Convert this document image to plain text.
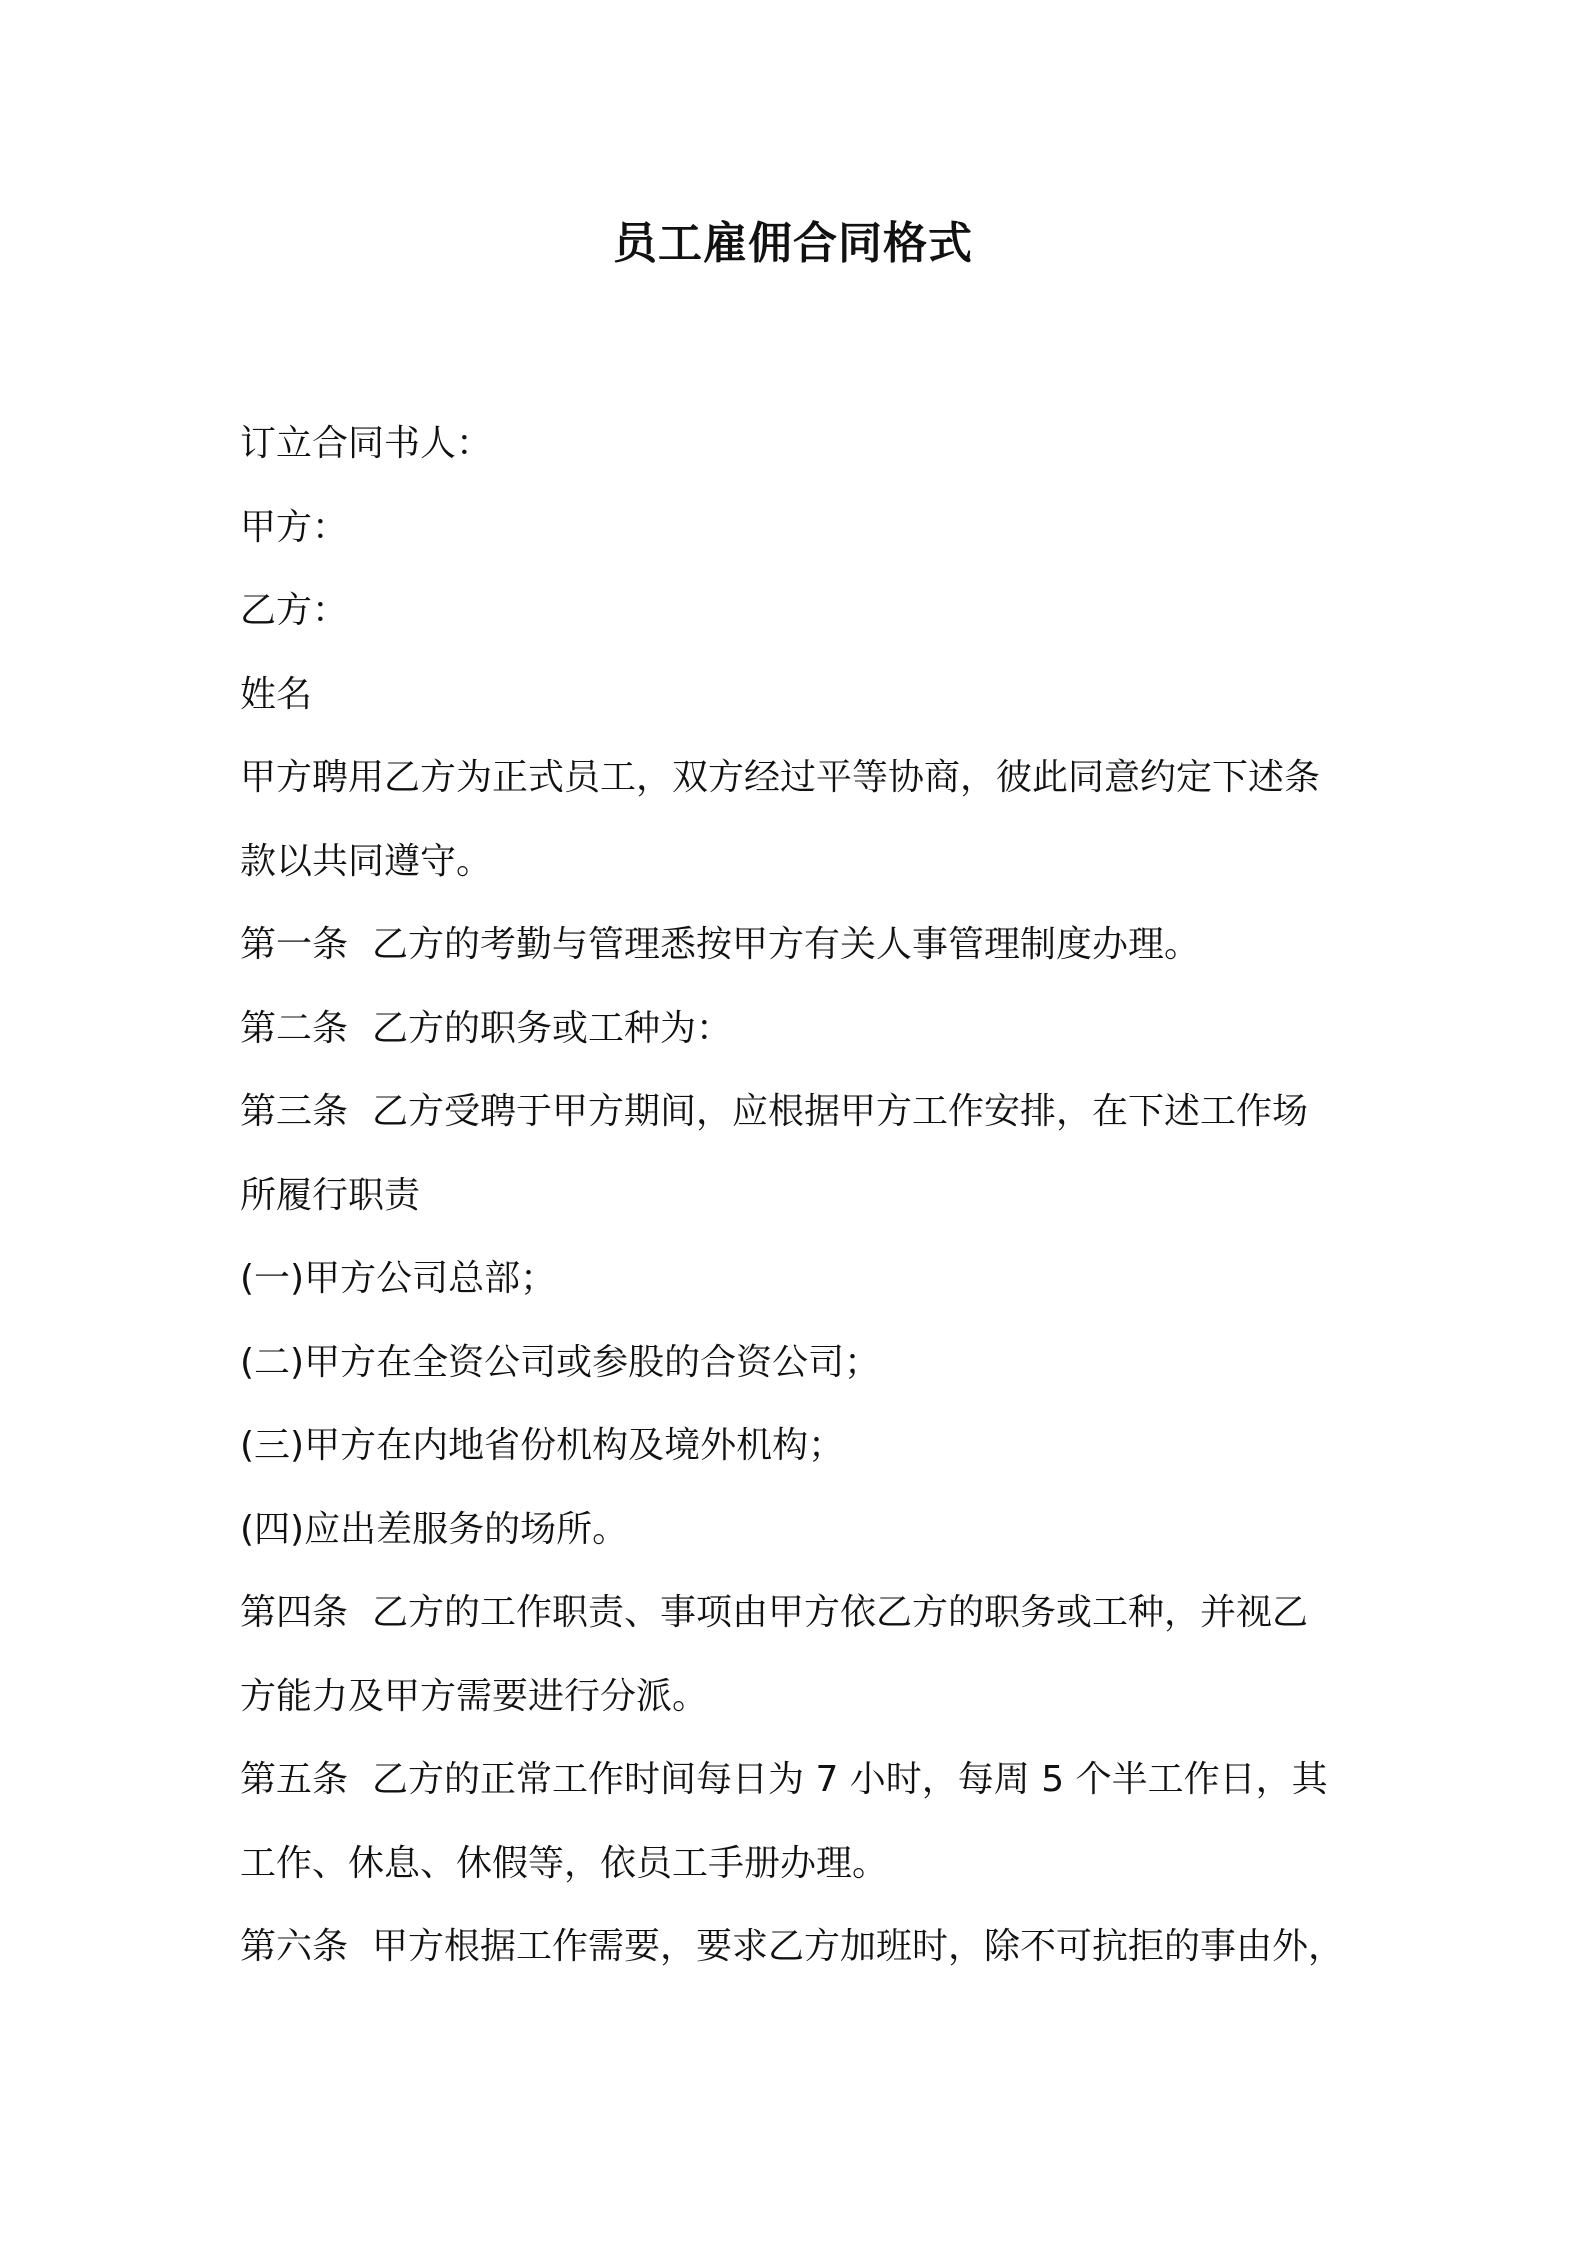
员工雇佣合同格式

订立合同书人：

甲方：

乙方：

姓名

甲方聘用乙方为正式员工，双方经过平等协商，彼此同意约定下述条

款以共同遵守。

第一条 乙方的考勤与管理悉按甲方有关人事管理制度办理。

第二条 乙方的职务或工种为：

第三条 乙方受聘于甲方期间，应根据甲方工作安排，在下述工作场

所履行职责

(一)甲方公司总部；

(二)甲方在全资公司或参股的合资公司；

(三)甲方在内地省份机构及境外机构；

(四)应出差服务的场所。

第四条 乙方的工作职责、事项由甲方依乙方的职务或工种，并视乙

方能力及甲方需要进行分派。

第五条 乙方的正常工作时间每日为 7 小时，每周 5 个半工作日，其

工作、休息、休假等，依员工手册办理。

第六条 甲方根据工作需要，要求乙方加班时，除不可抗拒的事由外，
